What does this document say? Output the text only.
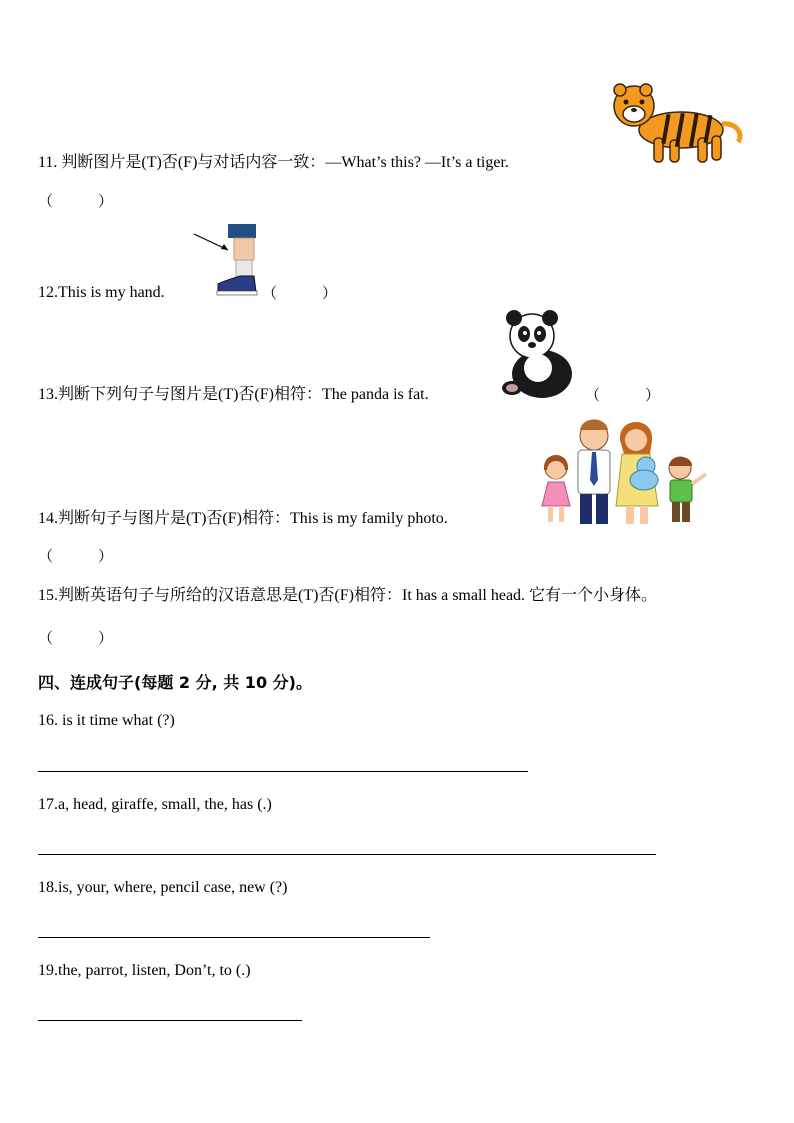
11. 判断图片是(T)否(F)与对话内容一致：—What’s this? —It’s a tiger.
（　　　）
12.This is my hand.	（　　　）
13.判断下列句子与图片是(T)否(F)相符：The panda is fat.	（　　　）
14.判断句子与图片是(T)否(F)相符：This is my family photo.
（　　　）
15.判断英语句子与所给的汉语意思是(T)否(F)相符：It has a small head. 它有一个小身体。
（　　　）
四、连成句子(每题 2 分, 共 10 分)。
16. is it time what (?)
17.a, head, giraffe, small, the, has (.)
18.is, your, where, pencil case, new (?)
19.the, parrot, listen, Don’t, to (.)
